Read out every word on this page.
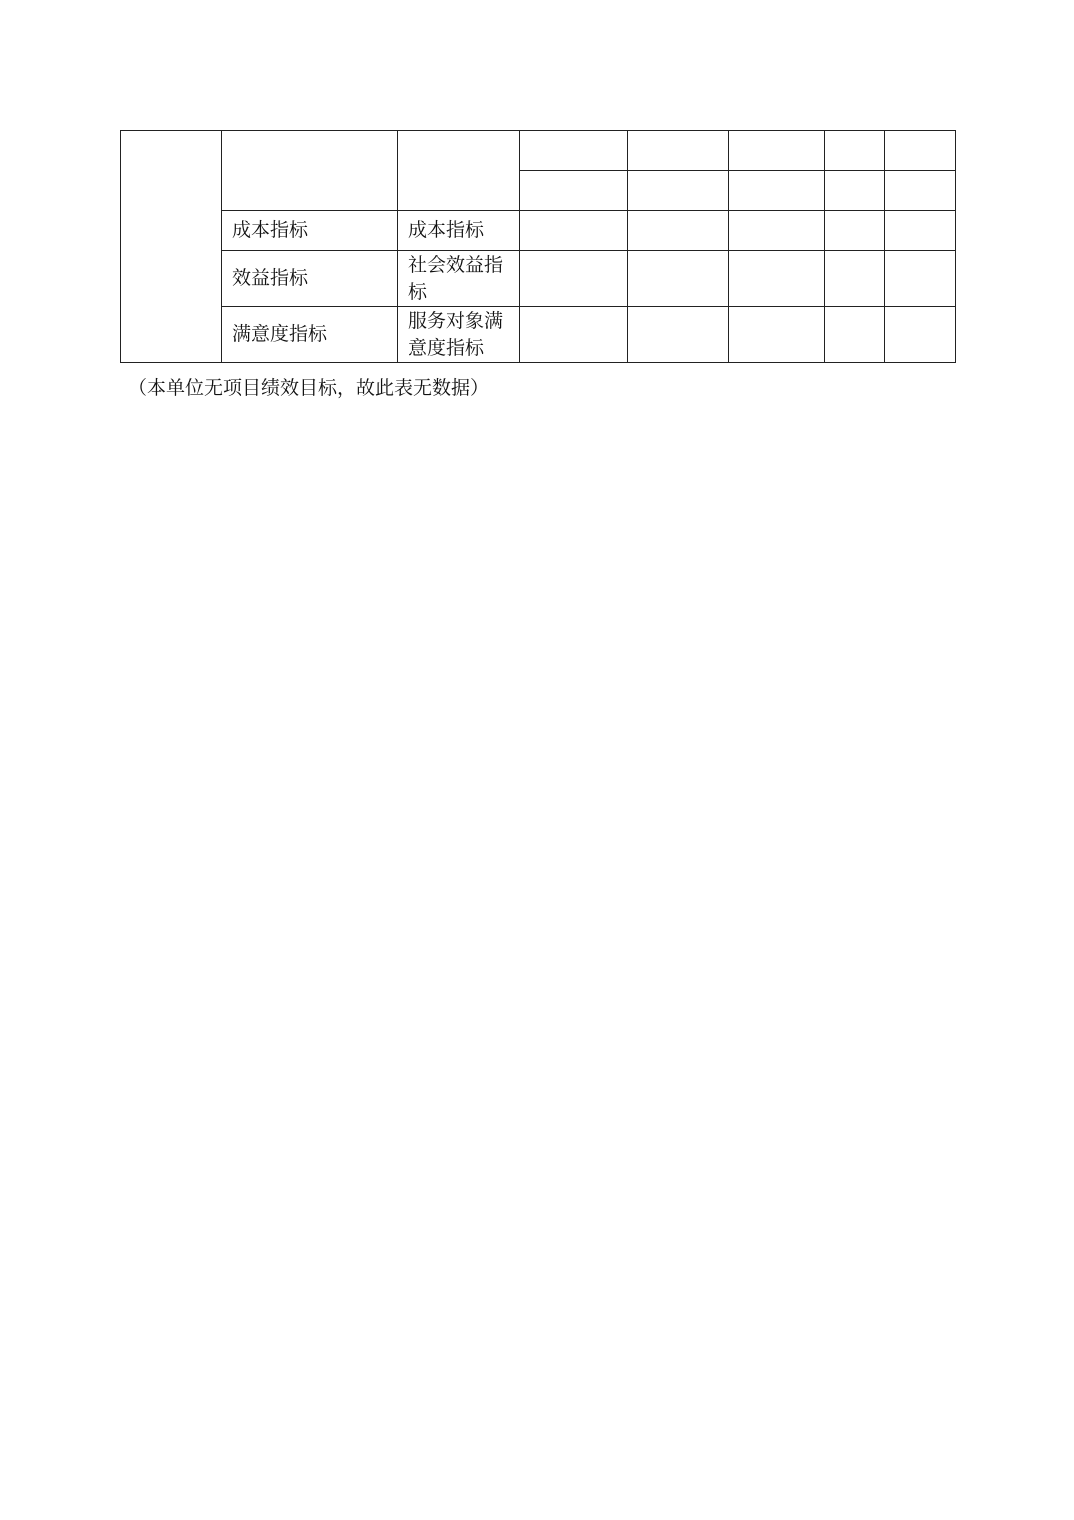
	成本指标	成本指标					
	效益指标	社会效益指标					
	满意度指标	服务对象满意度指标					
（本单位无项目绩效目标，故此表无数据）
